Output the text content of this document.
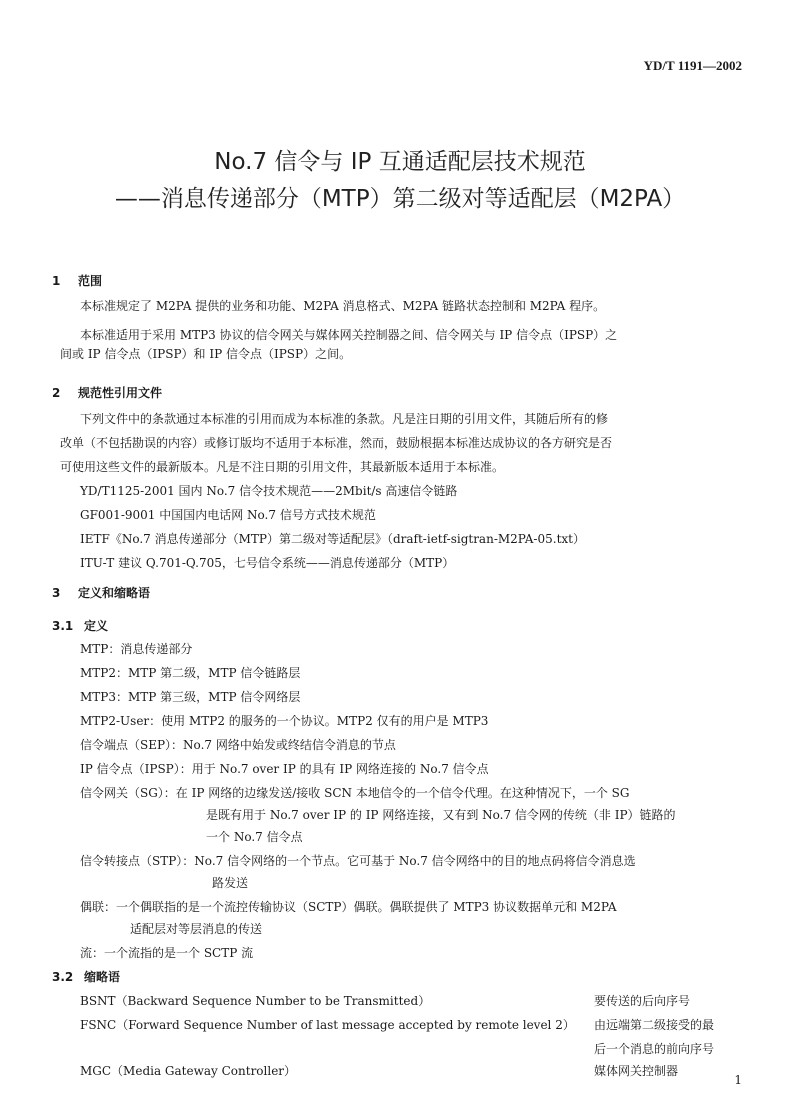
YD/T 1191—2002
No.7 信令与 IP 互通适配层技术规范
——消息传递部分（MTP）第二级对等适配层（M2PA）
1 范围
本标准规定了 M2PA 提供的业务和功能、M2PA 消息格式、M2PA 链路状态控制和 M2PA 程序。
本标准适用于采用 MTP3 协议的信令网关与媒体网关控制器之间、信令网关与 IP 信令点（IPSP）之
间或 IP 信令点（IPSP）和 IP 信令点（IPSP）之间。
2 规范性引用文件
下列文件中的条款通过本标准的引用而成为本标准的条款。凡是注日期的引用文件，其随后所有的修
改单（不包括勘误的内容）或修订版均不适用于本标准，然而，鼓励根据本标准达成协议的各方研究是否
可使用这些文件的最新版本。凡是不注日期的引用文件，其最新版本适用于本标准。
YD/T1125-2001 国内 No.7 信令技术规范——2Mbit/s 高速信令链路
GF001-9001 中国国内电话网 No.7 信号方式技术规范
IETF《No.7 消息传递部分（MTP）第二级对等适配层》（draft-ietf-sigtran-M2PA-05.txt）
ITU-T 建议 Q.701-Q.705，七号信令系统——消息传递部分（MTP）
3 定义和缩略语
3.1 定义
MTP：消息传递部分
MTP2：MTP 第二级，MTP 信令链路层
MTP3：MTP 第三级，MTP 信令网络层
MTP2-User：使用 MTP2 的服务的一个协议。MTP2 仅有的用户是 MTP3
信令端点（SEP）：No.7 网络中始发或终结信令消息的节点
IP 信令点（IPSP）：用于 No.7 over IP 的具有 IP 网络连接的 No.7 信令点
信令网关（SG）：在 IP 网络的边缘发送/接收 SCN 本地信令的一个信令代理。在这种情况下，一个 SG
是既有用于 No.7 over IP 的 IP 网络连接，又有到 No.7 信令网的传统（非 IP）链路的
一个 No.7 信令点
信令转接点（STP）：No.7 信令网络的一个节点。它可基于 No.7 信令网络中的目的地点码将信令消息选
路发送
偶联：一个偶联指的是一个流控传输协议（SCTP）偶联。偶联提供了 MTP3 协议数据单元和 M2PA
适配层对等层消息的传送
流：一个流指的是一个 SCTP 流
3.2 缩略语
BSNT（Backward Sequence Number to be Transmitted）	要传送的后向序号
FSNC（Forward Sequence Number of last message accepted by remote level 2） 由远端第二级接受的最
后一个消息的前向序号
MGC（Media Gateway Controller）	媒体网关控制器
1
